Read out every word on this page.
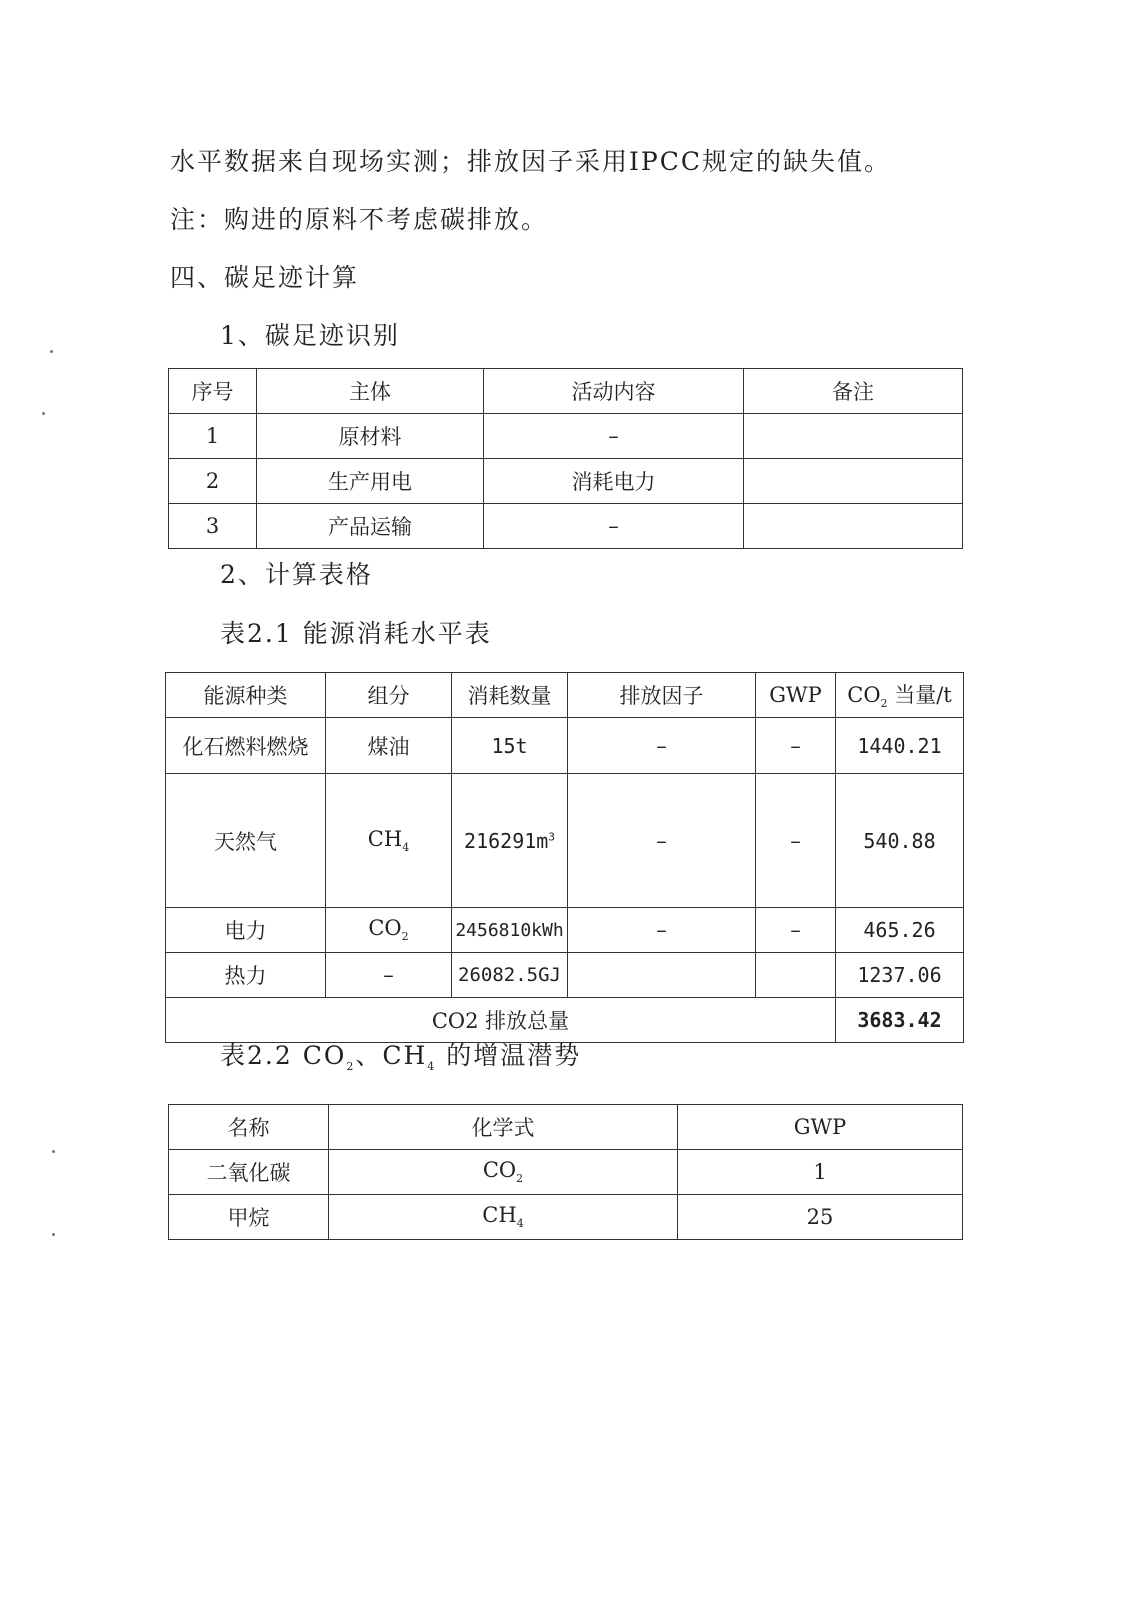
水平数据来自现场实测；排放因子采用IPCC规定的缺失值。
注：购进的原料不考虑碳排放。
四、碳足迹计算
1、碳足迹识别
序号	主体	活动内容	备注
1	原材料	–	
2	生产用电	消耗电力	
3	产品运输	–	
2、计算表格
表2.1 能源消耗水平表
能源种类	组分	消耗数量	排放因子	GWP	$CO_2$ 当量/t
化石燃料燃烧	煤油	15t	–	–	1440.21
天然气	$CH_4$	$216291m^3$	–	–	540.88
电力	$CO_2$	2456810kWh	–	–	465.26
热力	–	26082.5GJ			1237.06
CO2 排放总量					3683.42
表2.2 $CO_2$、$CH_4$ 的增温潜势
名称	化学式	GWP
二氧化碳	$CO_2$	1
甲烷	$CH_4$	25
